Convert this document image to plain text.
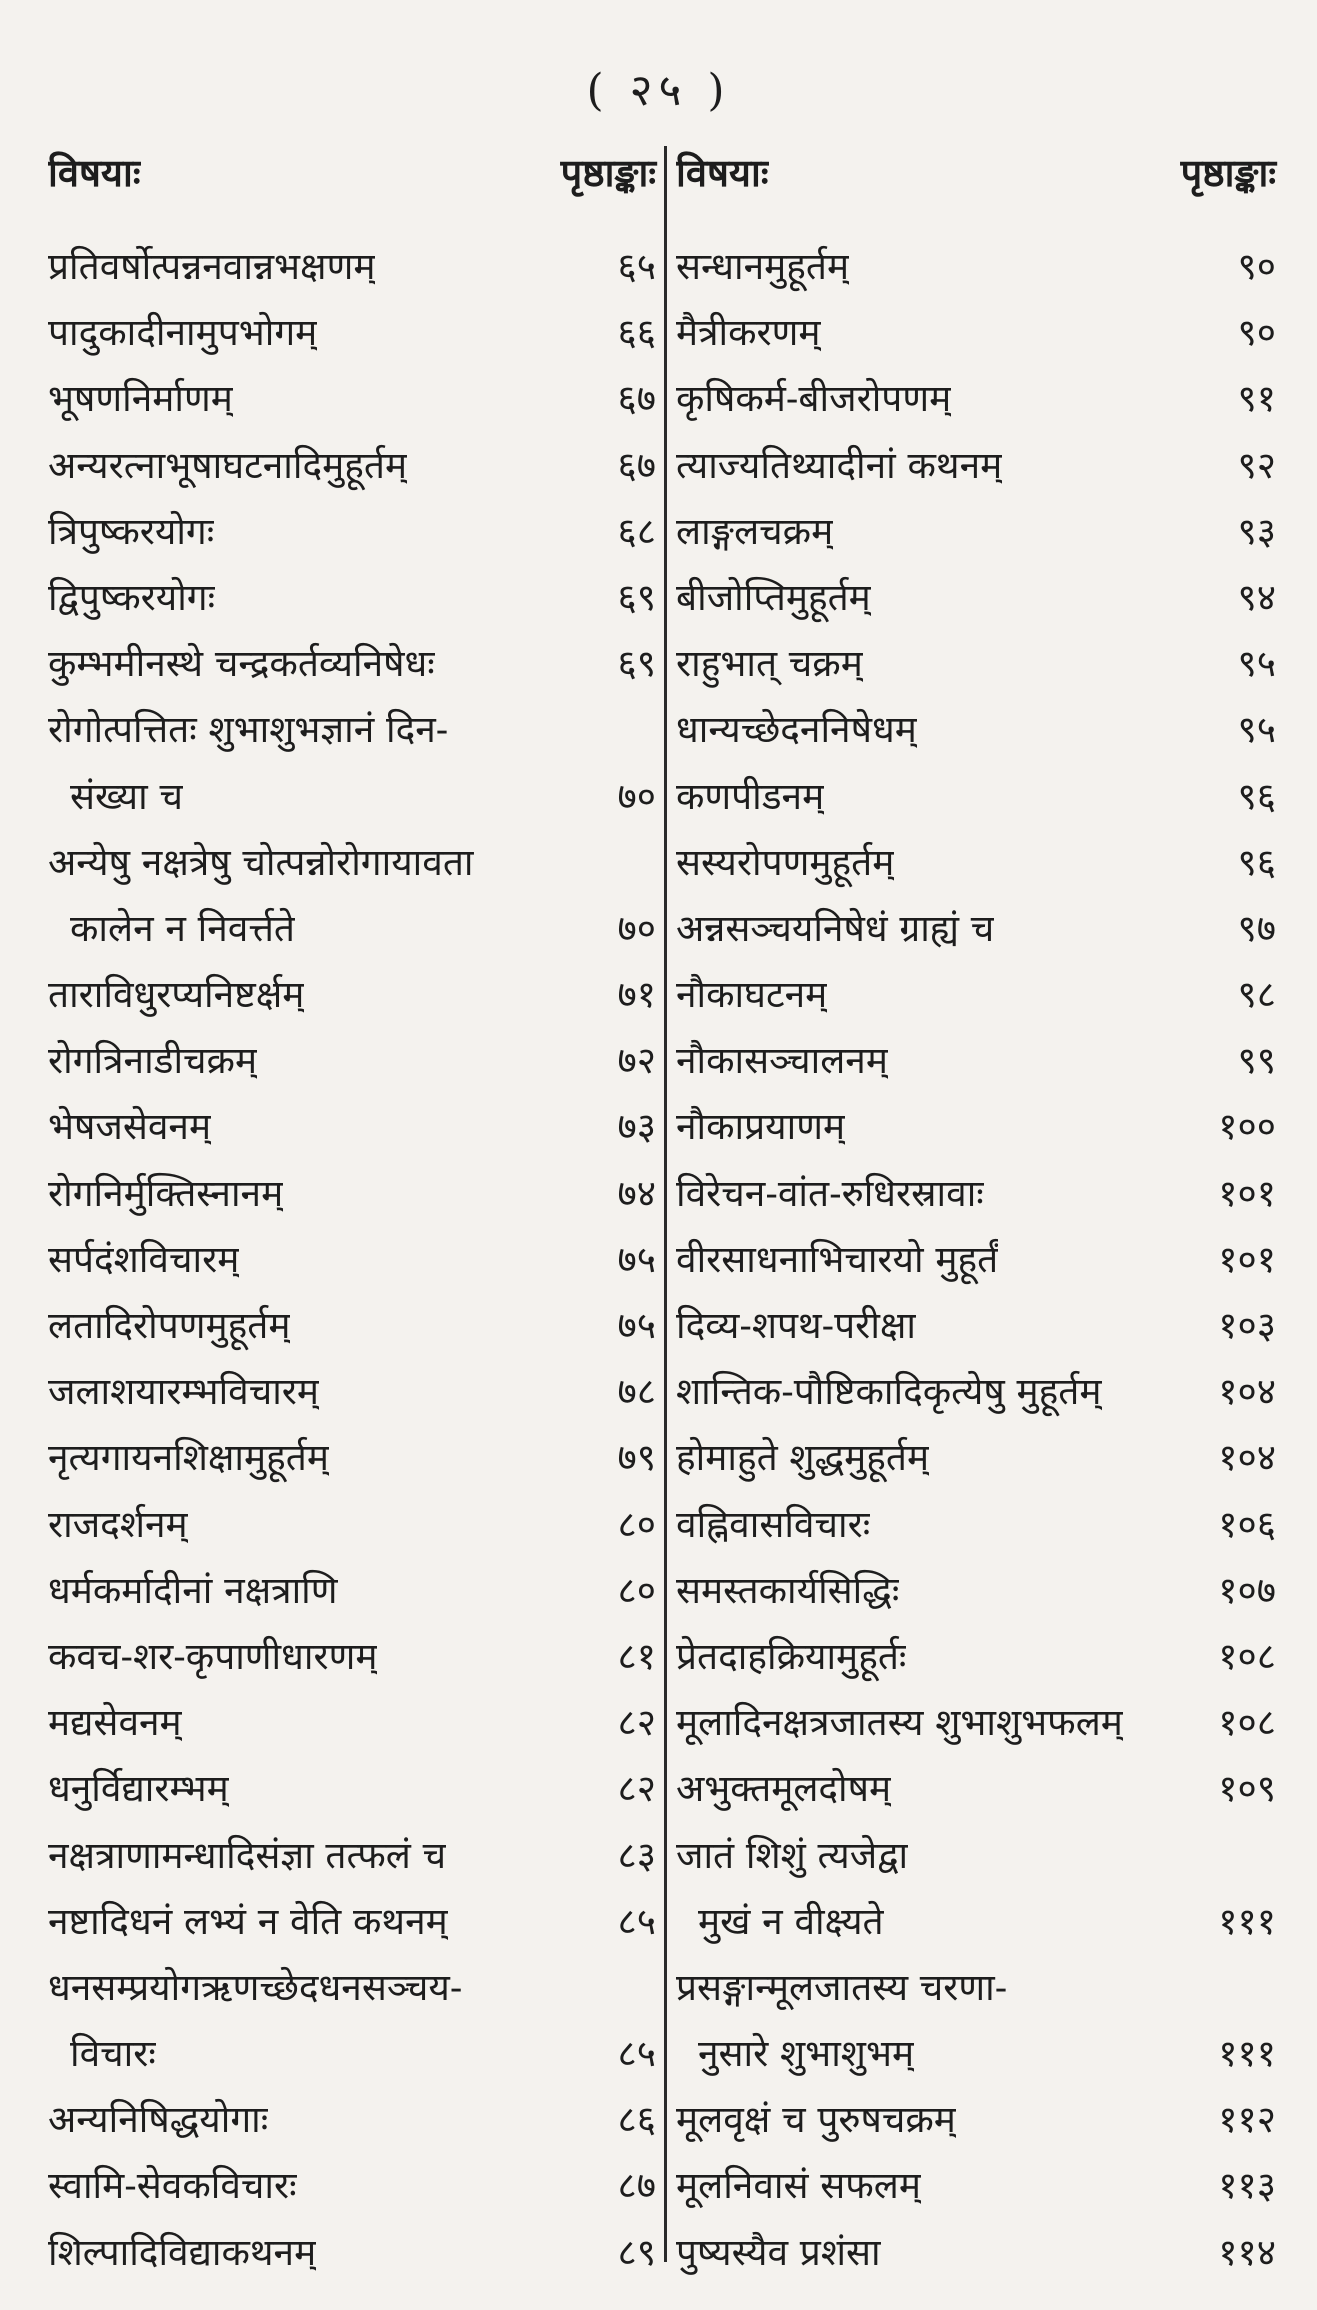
( २५ )
विषयाः	पृष्ठाङ्काः
प्रतिवर्षोत्पन्ननवान्नभक्षणम्	६५
पादुकादीनामुपभोगम्	६६
भूषणनिर्माणम्	६७
अन्यरत्नाभूषाघटनादिमुहूर्तम्	६७
त्रिपुष्करयोगः	६८
द्विपुष्करयोगः	६९
कुम्भमीनस्थे चन्द्रकर्तव्यनिषेधः	६९
रोगोत्पत्तितः शुभाशुभज्ञानं दिन-
संख्या च	७०
अन्येषु नक्षत्रेषु चोत्पन्नोरोगायावता
कालेन न निवर्त्तते	७०
ताराविधुरप्यनिष्टर्क्षम्	७१
रोगत्रिनाडीचक्रम्	७२
भेषजसेवनम्	७३
रोगनिर्मुक्तिस्नानम्	७४
सर्पदंशविचारम्	७५
लतादिरोपणमुहूर्तम्	७५
जलाशयारम्भविचारम्	७८
नृत्यगायनशिक्षामुहूर्तम्	७९
राजदर्शनम्	८०
धर्मकर्मादीनां नक्षत्राणि	८०
कवच-शर-कृपाणीधारणम्	८१
मद्यसेवनम्	८२
धनुर्विद्यारम्भम्	८२
नक्षत्राणामन्धादिसंज्ञा तत्फलं च	८३
नष्टादिधनं लभ्यं न वेति कथनम्	८५
धनसम्प्रयोगऋणच्छेदधनसञ्चय-
विचारः	८५
अन्यनिषिद्धयोगाः	८६
स्वामि-सेवकविचारः	८७
शिल्पादिविद्याकथनम्	८९
विषयाः	पृष्ठाङ्काः
सन्धानमुहूर्तम्	९०
मैत्रीकरणम्	९०
कृषिकर्म-बीजरोपणम्	९१
त्याज्यतिथ्यादीनां कथनम्	९२
लाङ्गलचक्रम्	९३
बीजोप्तिमुहूर्तम्	९४
राहुभात् चक्रम्	९५
धान्यच्छेदननिषेधम्	९५
कणपीडनम्	९६
सस्यरोपणमुहूर्तम्	९६
अन्नसञ्चयनिषेधं ग्राह्यं च	९७
नौकाघटनम्	९८
नौकासञ्चालनम्	९९
नौकाप्रयाणम्	१००
विरेचन-वांत-रुधिरस्रावाः	१०१
वीरसाधनाभिचारयो मुहूर्तं	१०१
दिव्य-शपथ-परीक्षा	१०३
शान्तिक-पौष्टिकादिकृत्येषु मुहूर्तम्	१०४
होमाहुते शुद्धमुहूर्तम्	१०४
वह्निवासविचारः	१०६
समस्तकार्यसिद्धिः	१०७
प्रेतदाहक्रियामुहूर्तः	१०८
मूलादिनक्षत्रजातस्य शुभाशुभफलम्	१०८
अभुक्तमूलदोषम्	१०९
जातं शिशुं त्यजेद्वा
मुखं न वीक्ष्यते	१११
प्रसङ्गान्मूलजातस्य चरणा-
नुसारे शुभाशुभम्	१११
मूलवृक्षं च पुरुषचक्रम्	११२
मूलनिवासं सफलम्	११३
पुष्यस्यैव प्रशंसा	११४
